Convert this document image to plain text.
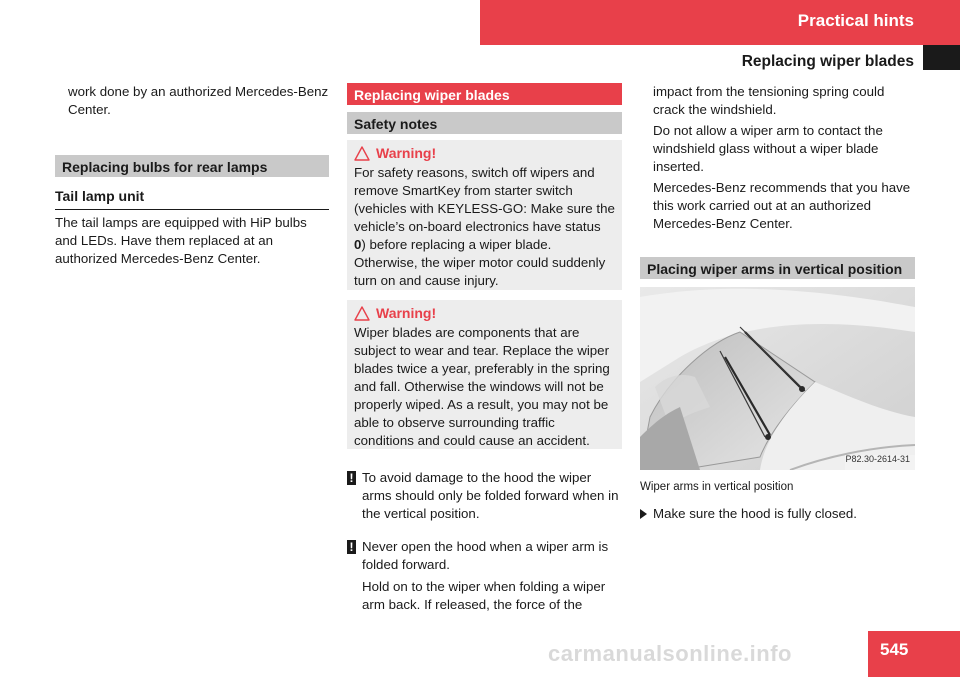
Practical hints
Replacing wiper blades

work done by an authorized Mercedes-Benz Center.

Replacing bulbs for rear lamps
Tail lamp unit

The tail lamps are equipped with HiP bulbs and LEDs. Have them replaced at an authorized Mercedes-Benz Center.

Replacing wiper blades
Safety notes
Warning!

For safety reasons, switch off wipers and remove SmartKey from starter switch (vehicles with KEYLESS-GO: Make sure the vehicle’s on-board electronics have status 0) before replacing a wiper blade. Otherwise, the wiper motor could suddenly turn on and cause injury.

Warning!

Wiper blades are components that are subject to wear and tear. Replace the wiper blades twice a year, preferably in the spring and fall. Otherwise the windows will not be properly wiped. As a result, you may not be able to observe surrounding traffic conditions and could cause an accident.

! To avoid damage to the hood the wiper arms should only be folded forward when in the vertical position.

! Never open the hood when a wiper arm is folded forward.

Hold on to the wiper when folding a wiper arm back. If released, the force of the

impact from the tensioning spring could crack the windshield.

Do not allow a wiper arm to contact the windshield glass without a wiper blade inserted.

Mercedes-Benz recommends that you have this work carried out at an authorized Mercedes-Benz Center.

Placing wiper arms in vertical position

Wiper arms in vertical position

Make sure the hood is fully closed.
P82.30-2614-31
545
carmanualsonline.info
